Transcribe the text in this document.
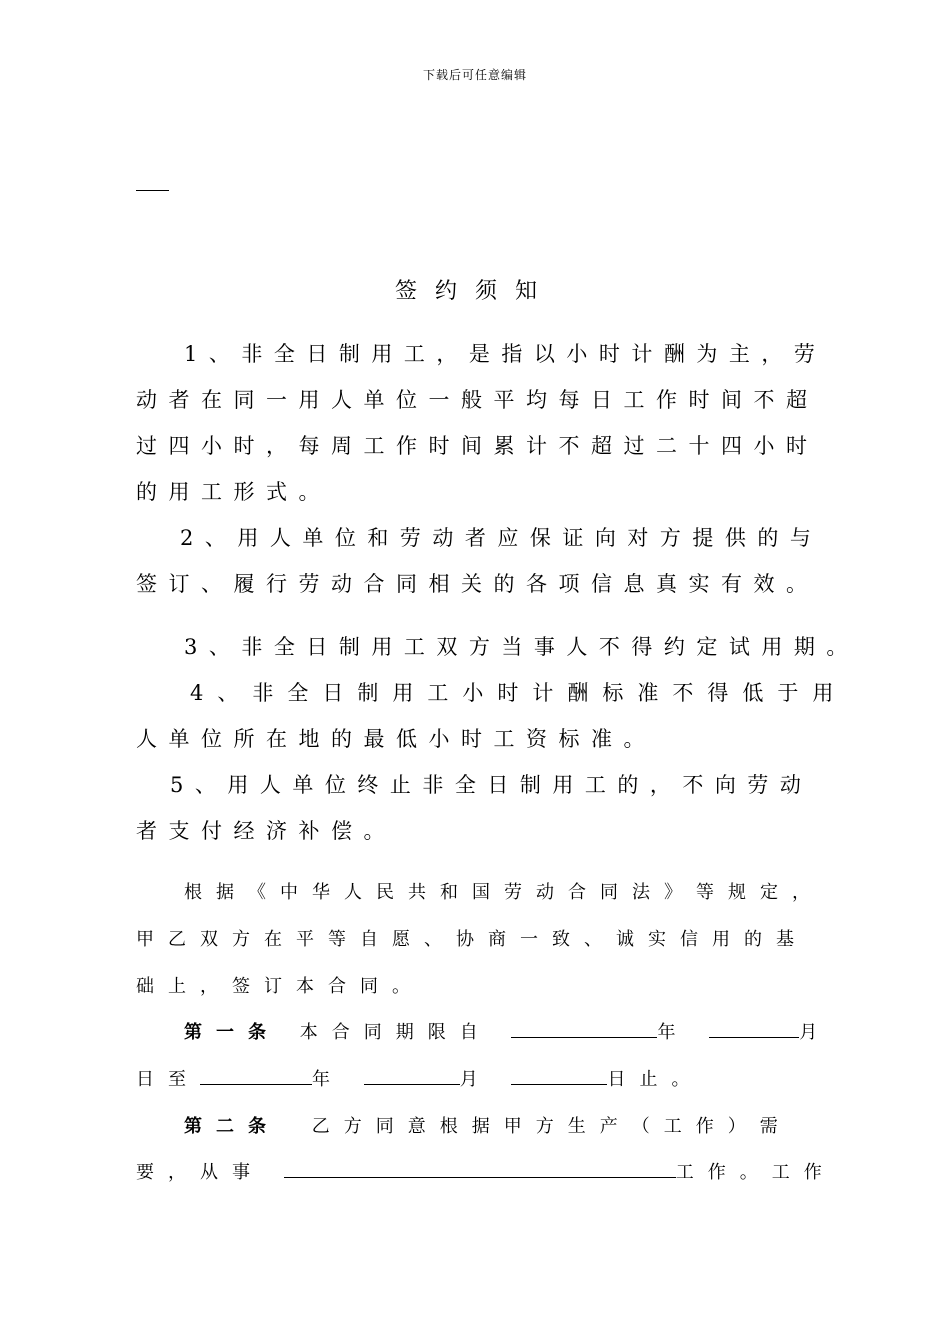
下载后可任意编辑
签约须知
1、非全日制用工，是指以小时计酬为主，劳
动者在同一用人单位一般平均每日工作时间不超
过四小时，每周工作时间累计不超过二十四小时
的用工形式。
2、用人单位和劳动者应保证向对方提供的与
签订、履行劳动合同相关的各项信息真实有效。
3、非全日制用工双方当事人不得约定试用期。
4、非全日制用工小时计酬标准不得低于用
人单位所在地的最低小时工资标准。
5、用人单位终止非全日制用工的，不向劳动
者支付经济补偿。
根据《中华人民共和国劳动合同法》等规定，
甲乙双方在平等自愿、协商一致、诚实信用的基
础上，签订本合同。
第一条 本合同期限自	年	月
日至	年	月	日止。
第二条 乙方同意根据甲方生产（工作）需
要，从事	工作。工作
